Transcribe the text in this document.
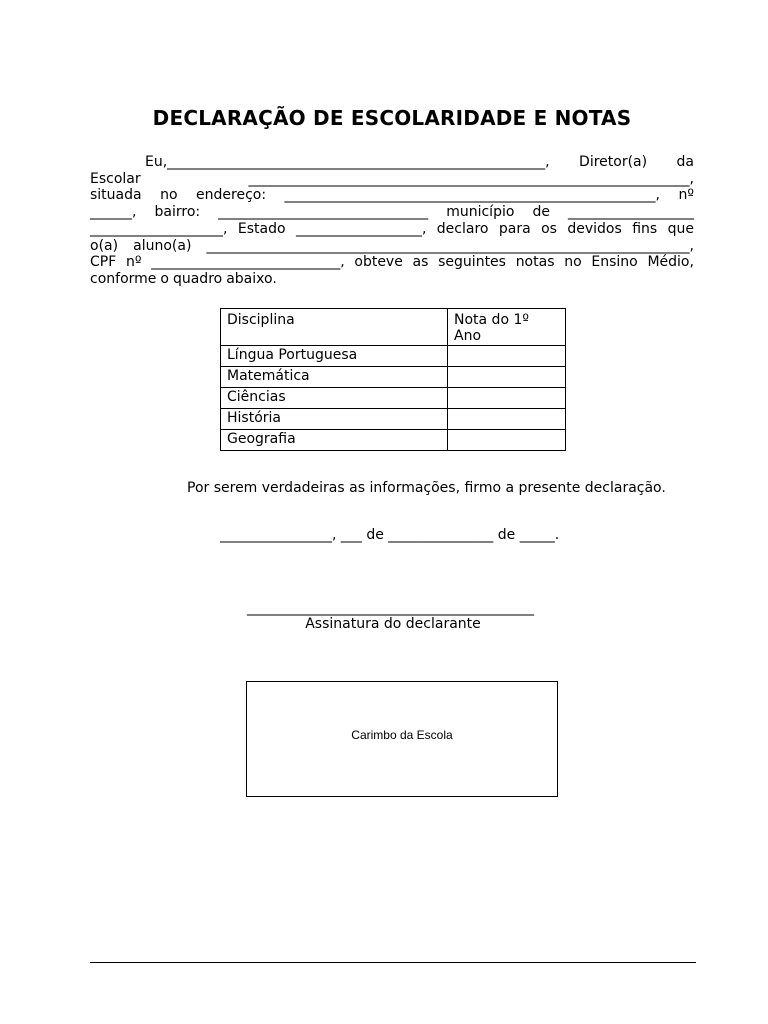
DECLARAÇÃO DE ESCOLARIDADE E NOTAS
Eu,______________________________________________________, Diretor(a) da
Escolar	_______________________________________________________________,
situada no endereço: _____________________________________________________, nº
______, bairro: ______________________________ município de __________________
___________________, Estado __________________, declaro para os devidos fins que
o(a) aluno(a) _____________________________________________________________________,
CPF nº ___________________________, obteve as seguintes notas no Ensino Médio,
conforme o quadro abaixo.
Disciplina	Nota do 1º Ano
Língua Portuguesa	
Matemática	
Ciências	
História	
Geografia	
Por serem verdadeiras as informações, firmo a presente declaração.
________________, ___ de _______________ de _____.
_________________________________________
Assinatura do declarante
Carimbo da Escola
